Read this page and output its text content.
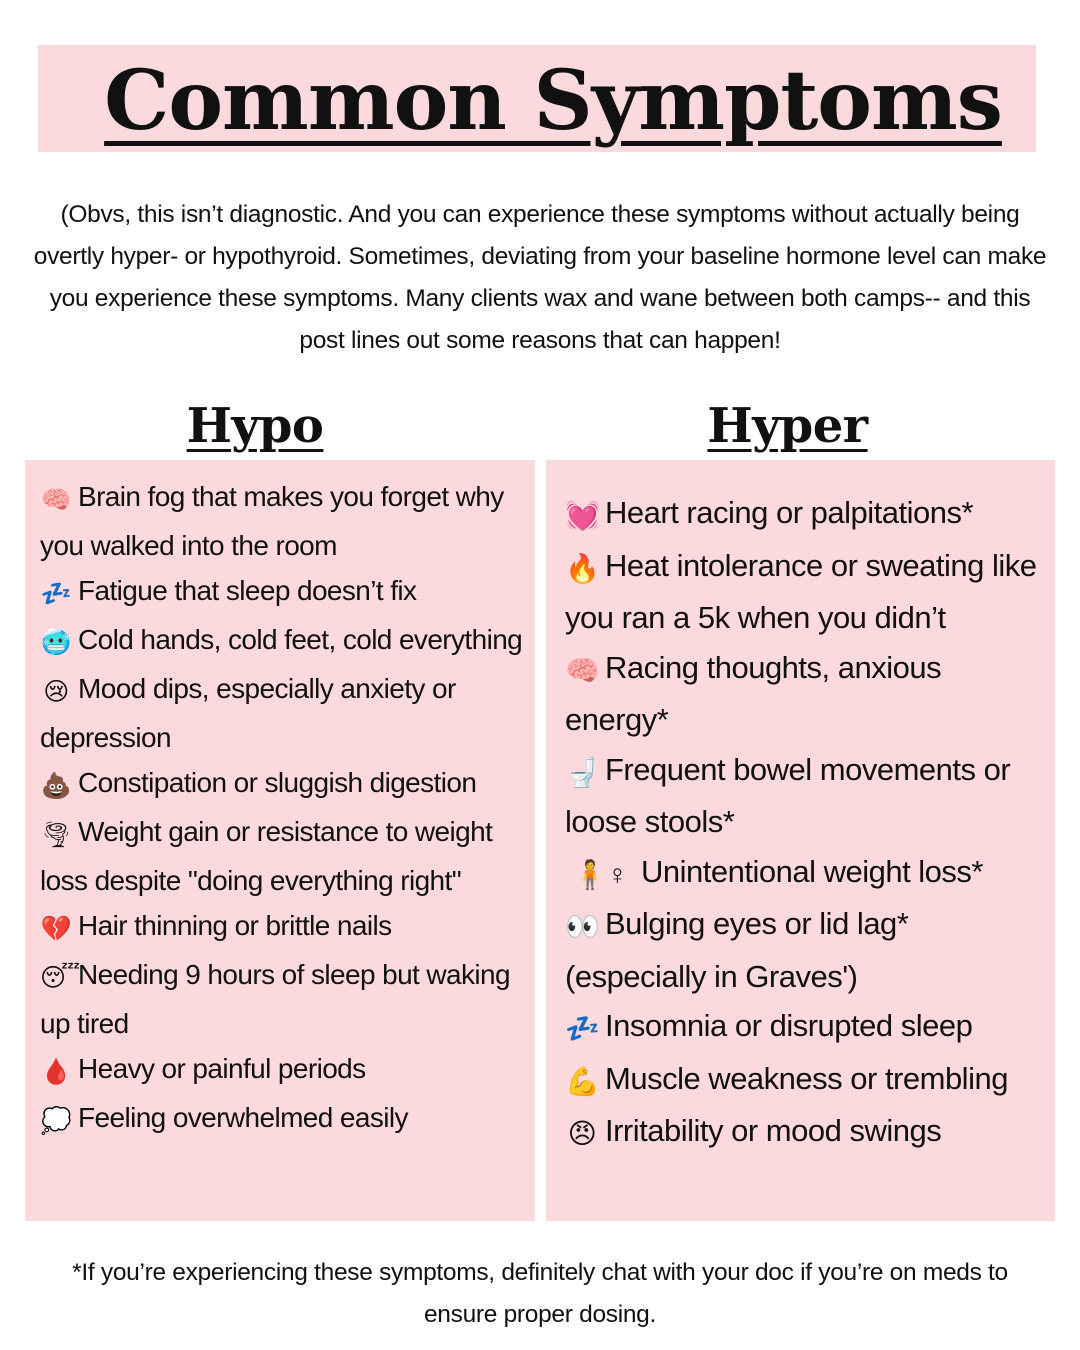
Common Symptoms
(Obvs, this isn’t diagnostic. And you can experience these symptoms without actually being overtly hyper- or hypothyroid. Sometimes, deviating from your baseline hormone level can make you experience these symptoms. Many clients wax and wane between both camps-- and this post lines out some reasons that can happen!
Hypo	Hyper
🧠 Brain fog that makes you forget why you walked into the room
💤 Fatigue that sleep doesn’t fix
🥶 Cold hands, cold feet, cold everything
😢 Mood dips, especially anxiety or depression
💩 Constipation or sluggish digestion
🌪 Weight gain or resistance to weight loss despite "doing everything right"
💔 Hair thinning or brittle nails
😴Needing 9 hours of sleep but waking up tired
🩸 Heavy or painful periods
💭 Feeling overwhelmed easily
💓 Heart racing or palpitations*
🔥 Heat intolerance or sweating like you ran a 5k when you didn’t
🧠 Racing thoughts, anxious energy*
🚽 Frequent bowel movements or loose stools*
🧍♀ Unintentional weight loss*
👀 Bulging eyes or lid lag* (especially in Graves')
💤 Insomnia or disrupted sleep
💪 Muscle weakness or trembling
😠 Irritability or mood swings
*If you’re experiencing these symptoms, definitely chat with your doc if you’re on meds to ensure proper dosing.
